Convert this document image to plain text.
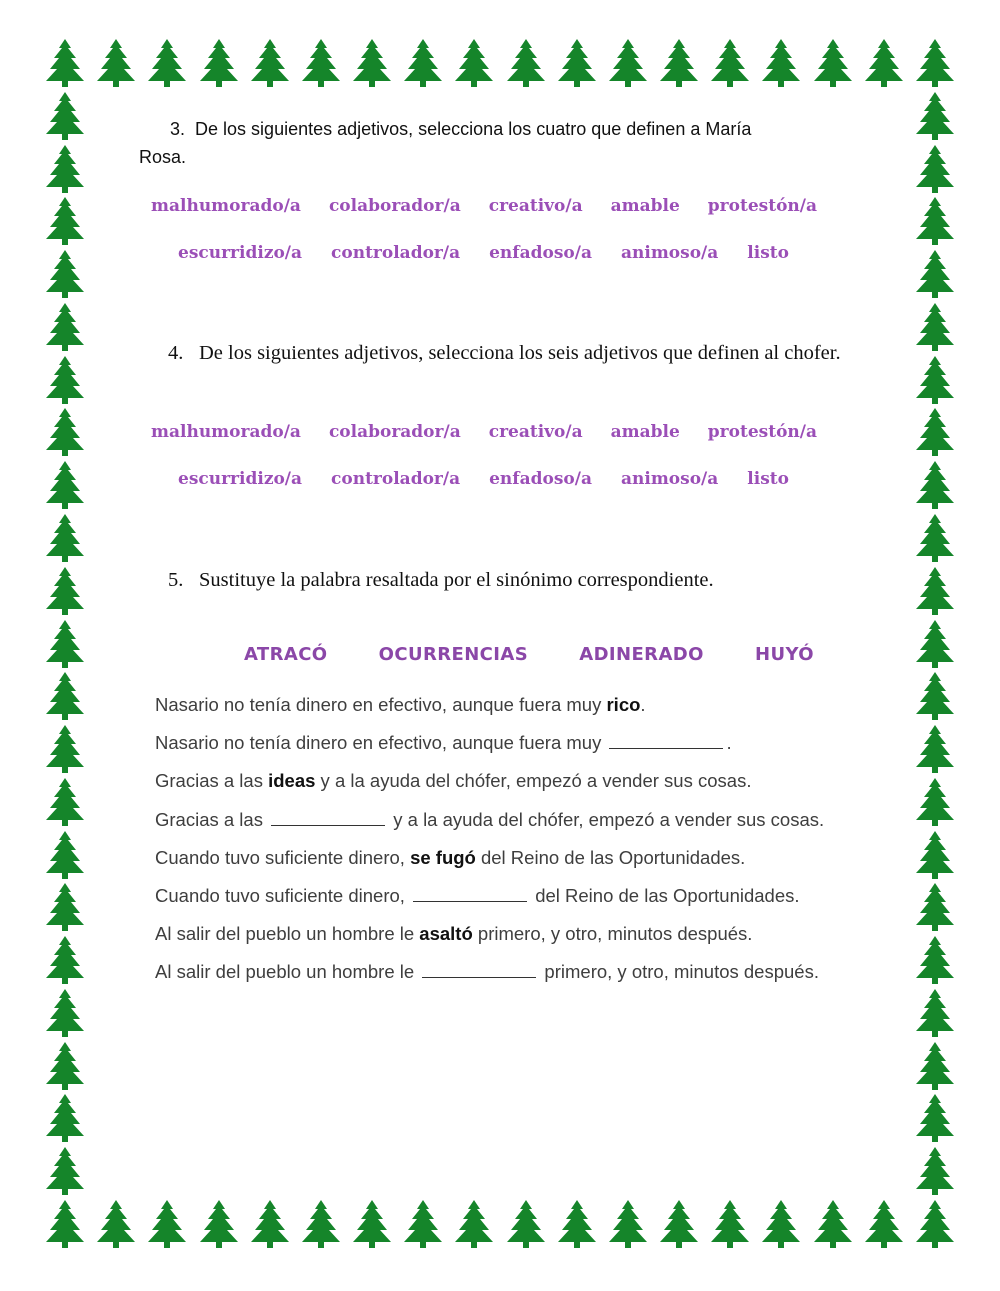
3. De los siguientes adjetivos, selecciona los cuatro que definen a María
Rosa.
malhumorado/a colaborador/a creativo/a amable protestón/a
escurridizo/a controlador/a enfadoso/a animoso/a listo
4. De los siguientes adjetivos, selecciona los seis adjetivos que definen al chofer.
malhumorado/a colaborador/a creativo/a amable protestón/a
escurridizo/a controlador/a enfadoso/a animoso/a listo
5. Sustituye la palabra resaltada por el sinónimo correspondiente.
ATRACÓ	OCURRENCIAS	ADINERADO	HUYÓ
Nasario no tenía dinero en efectivo, aunque fuera muy rico.
Nasario no tenía dinero en efectivo, aunque fuera muy	.
Gracias a las ideas y a la ayuda del chófer, empezó a vender sus cosas.
Gracias a las	y a la ayuda del chófer, empezó a vender sus cosas.
Cuando tuvo suficiente dinero, se fugó del Reino de las Oportunidades.
Cuando tuvo suficiente dinero,	del Reino de las Oportunidades.
Al salir del pueblo un hombre le asaltó primero, y otro, minutos después.
Al salir del pueblo un hombre le	primero, y otro, minutos después.
